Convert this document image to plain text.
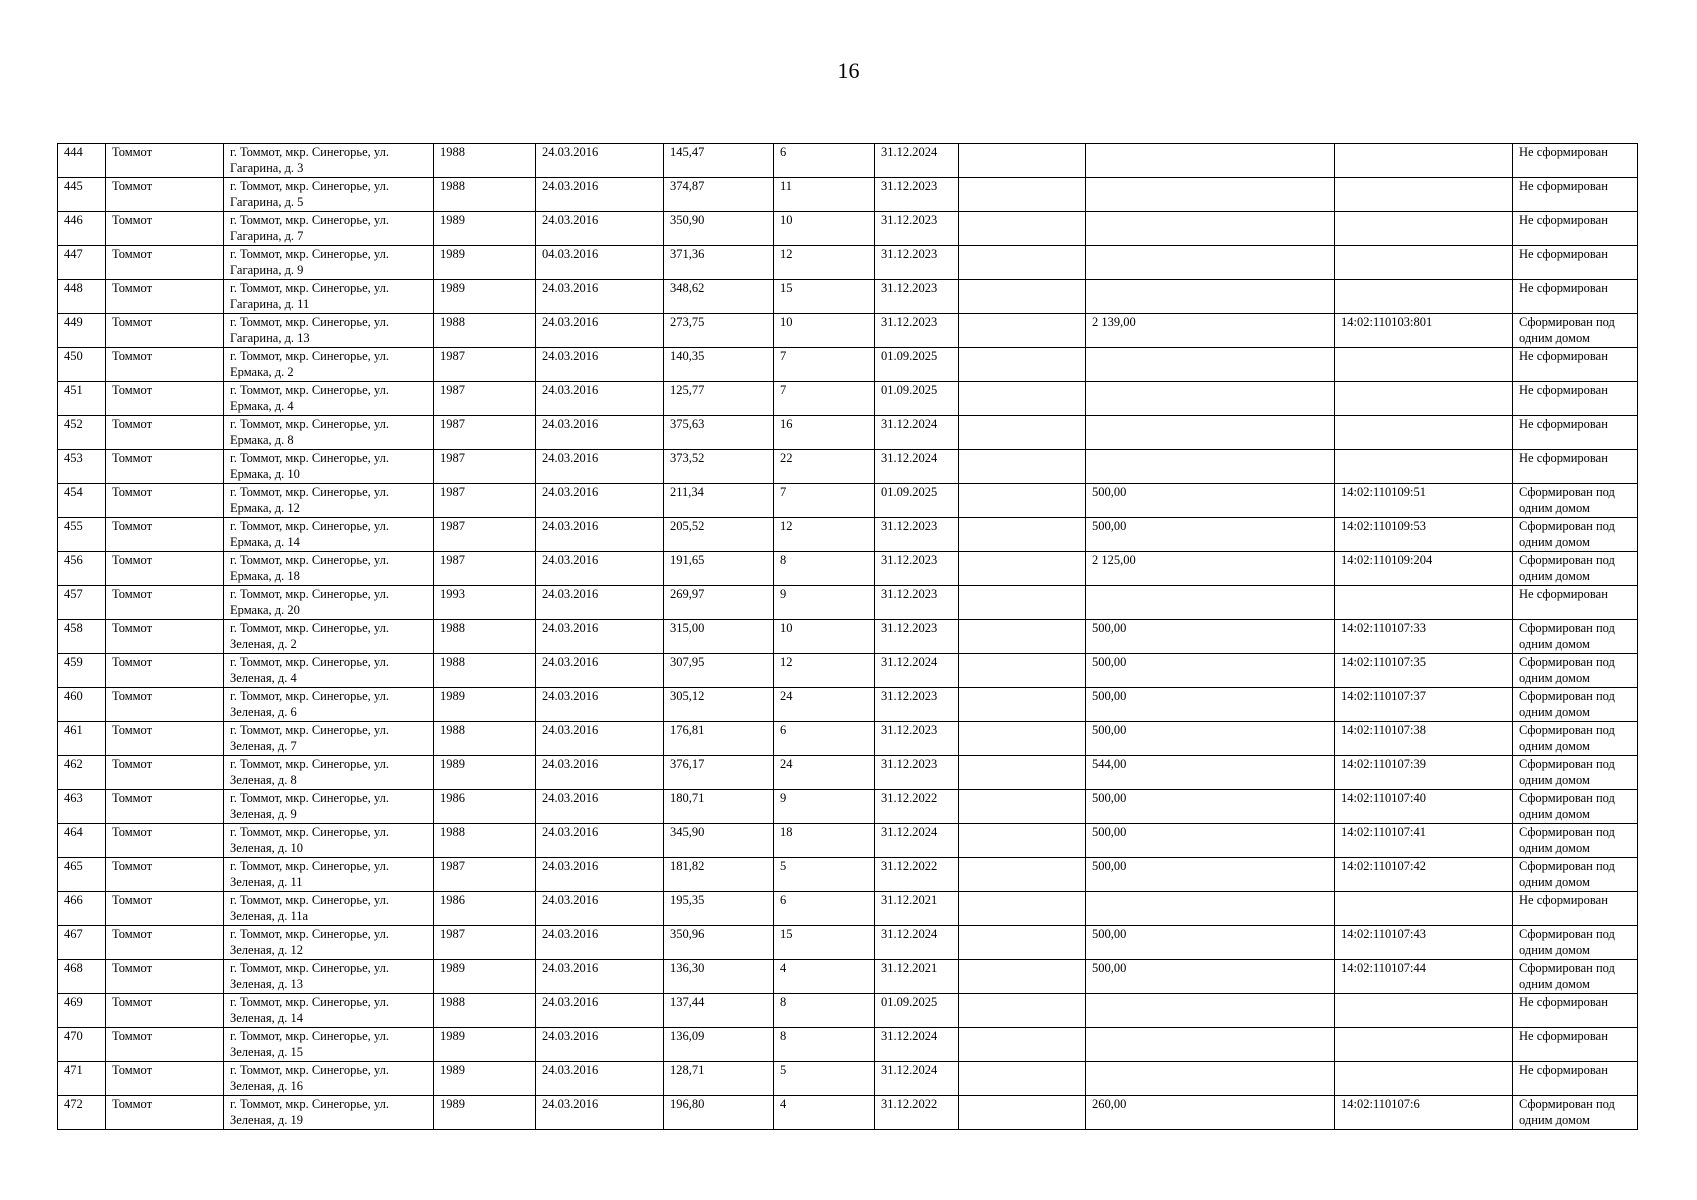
16
444	Томмот	г. Томмот, мкр. Синегорье, ул. Гагарина, д. 3	1988	24.03.2016	145,47	6	31.12.2024				Не сформирован
445	Томмот	г. Томмот, мкр. Синегорье, ул. Гагарина, д. 5	1988	24.03.2016	374,87	11	31.12.2023				Не сформирован
446	Томмот	г. Томмот, мкр. Синегорье, ул. Гагарина, д. 7	1989	24.03.2016	350,90	10	31.12.2023				Не сформирован
447	Томмот	г. Томмот, мкр. Синегорье, ул. Гагарина, д. 9	1989	04.03.2016	371,36	12	31.12.2023				Не сформирован
448	Томмот	г. Томмот, мкр. Синегорье, ул. Гагарина, д. 11	1989	24.03.2016	348,62	15	31.12.2023				Не сформирован
449	Томмот	г. Томмот, мкр. Синегорье, ул. Гагарина, д. 13	1988	24.03.2016	273,75	10	31.12.2023		2 139,00	14:02:110103:801	Сформирован под одним домом
450	Томмот	г. Томмот, мкр. Синегорье, ул. Ермака, д. 2	1987	24.03.2016	140,35	7	01.09.2025				Не сформирован
451	Томмот	г. Томмот, мкр. Синегорье, ул. Ермака, д. 4	1987	24.03.2016	125,77	7	01.09.2025				Не сформирован
452	Томмот	г. Томмот, мкр. Синегорье, ул. Ермака, д. 8	1987	24.03.2016	375,63	16	31.12.2024				Не сформирован
453	Томмот	г. Томмот, мкр. Синегорье, ул. Ермака, д. 10	1987	24.03.2016	373,52	22	31.12.2024				Не сформирован
454	Томмот	г. Томмот, мкр. Синегорье, ул. Ермака, д. 12	1987	24.03.2016	211,34	7	01.09.2025		500,00	14:02:110109:51	Сформирован под одним домом
455	Томмот	г. Томмот, мкр. Синегорье, ул. Ермака, д. 14	1987	24.03.2016	205,52	12	31.12.2023		500,00	14:02:110109:53	Сформирован под одним домом
456	Томмот	г. Томмот, мкр. Синегорье, ул. Ермака, д. 18	1987	24.03.2016	191,65	8	31.12.2023		2 125,00	14:02:110109:204	Сформирован под одним домом
457	Томмот	г. Томмот, мкр. Синегорье, ул. Ермака, д. 20	1993	24.03.2016	269,97	9	31.12.2023				Не сформирован
458	Томмот	г. Томмот, мкр. Синегорье, ул. Зеленая, д. 2	1988	24.03.2016	315,00	10	31.12.2023		500,00	14:02:110107:33	Сформирован под одним домом
459	Томмот	г. Томмот, мкр. Синегорье, ул. Зеленая, д. 4	1988	24.03.2016	307,95	12	31.12.2024		500,00	14:02:110107:35	Сформирован под одним домом
460	Томмот	г. Томмот, мкр. Синегорье, ул. Зеленая, д. 6	1989	24.03.2016	305,12	24	31.12.2023		500,00	14:02:110107:37	Сформирован под одним домом
461	Томмот	г. Томмот, мкр. Синегорье, ул. Зеленая, д. 7	1988	24.03.2016	176,81	6	31.12.2023		500,00	14:02:110107:38	Сформирован под одним домом
462	Томмот	г. Томмот, мкр. Синегорье, ул. Зеленая, д. 8	1989	24.03.2016	376,17	24	31.12.2023		544,00	14:02:110107:39	Сформирован под одним домом
463	Томмот	г. Томмот, мкр. Синегорье, ул. Зеленая, д. 9	1986	24.03.2016	180,71	9	31.12.2022		500,00	14:02:110107:40	Сформирован под одним домом
464	Томмот	г. Томмот, мкр. Синегорье, ул. Зеленая, д. 10	1988	24.03.2016	345,90	18	31.12.2024		500,00	14:02:110107:41	Сформирован под одним домом
465	Томмот	г. Томмот, мкр. Синегорье, ул. Зеленая, д. 11	1987	24.03.2016	181,82	5	31.12.2022		500,00	14:02:110107:42	Сформирован под одним домом
466	Томмот	г. Томмот, мкр. Синегорье, ул. Зеленая, д. 11а	1986	24.03.2016	195,35	6	31.12.2021				Не сформирован
467	Томмот	г. Томмот, мкр. Синегорье, ул. Зеленая, д. 12	1987	24.03.2016	350,96	15	31.12.2024		500,00	14:02:110107:43	Сформирован под одним домом
468	Томмот	г. Томмот, мкр. Синегорье, ул. Зеленая, д. 13	1989	24.03.2016	136,30	4	31.12.2021		500,00	14:02:110107:44	Сформирован под одним домом
469	Томмот	г. Томмот, мкр. Синегорье, ул. Зеленая, д. 14	1988	24.03.2016	137,44	8	01.09.2025				Не сформирован
470	Томмот	г. Томмот, мкр. Синегорье, ул. Зеленая, д. 15	1989	24.03.2016	136,09	8	31.12.2024				Не сформирован
471	Томмот	г. Томмот, мкр. Синегорье, ул. Зеленая, д. 16	1989	24.03.2016	128,71	5	31.12.2024				Не сформирован
472	Томмот	г. Томмот, мкр. Синегорье, ул. Зеленая, д. 19	1989	24.03.2016	196,80	4	31.12.2022		260,00	14:02:110107:6	Сформирован под одним домом
